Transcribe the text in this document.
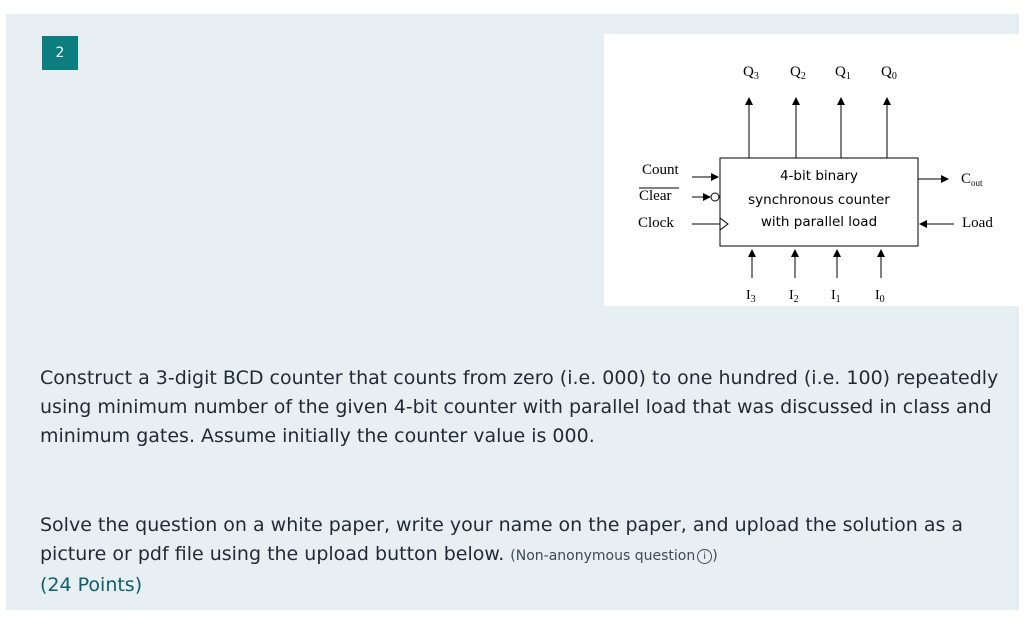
2
4-bit binary
synchronous counter
with parallel load
$Q_3$ $Q_2$ $Q_1$ $Q_0$
$I_3$ $I_2$ $I_1$ $I_0$
Count
Clear
Clock
$C_{out}$
Load
Construct a 3-digit BCD counter that counts from zero (i.e. 000) to one hundred (i.e. 100) repeatedly using minimum number of the given 4-bit counter with parallel load that was discussed in class and minimum gates. Assume initially the counter value is 000.
Solve the question on a white paper, write your name on the paper, and upload the solution as a picture or pdf file using the upload button below. (Non-anonymous question i )
(24 Points)
